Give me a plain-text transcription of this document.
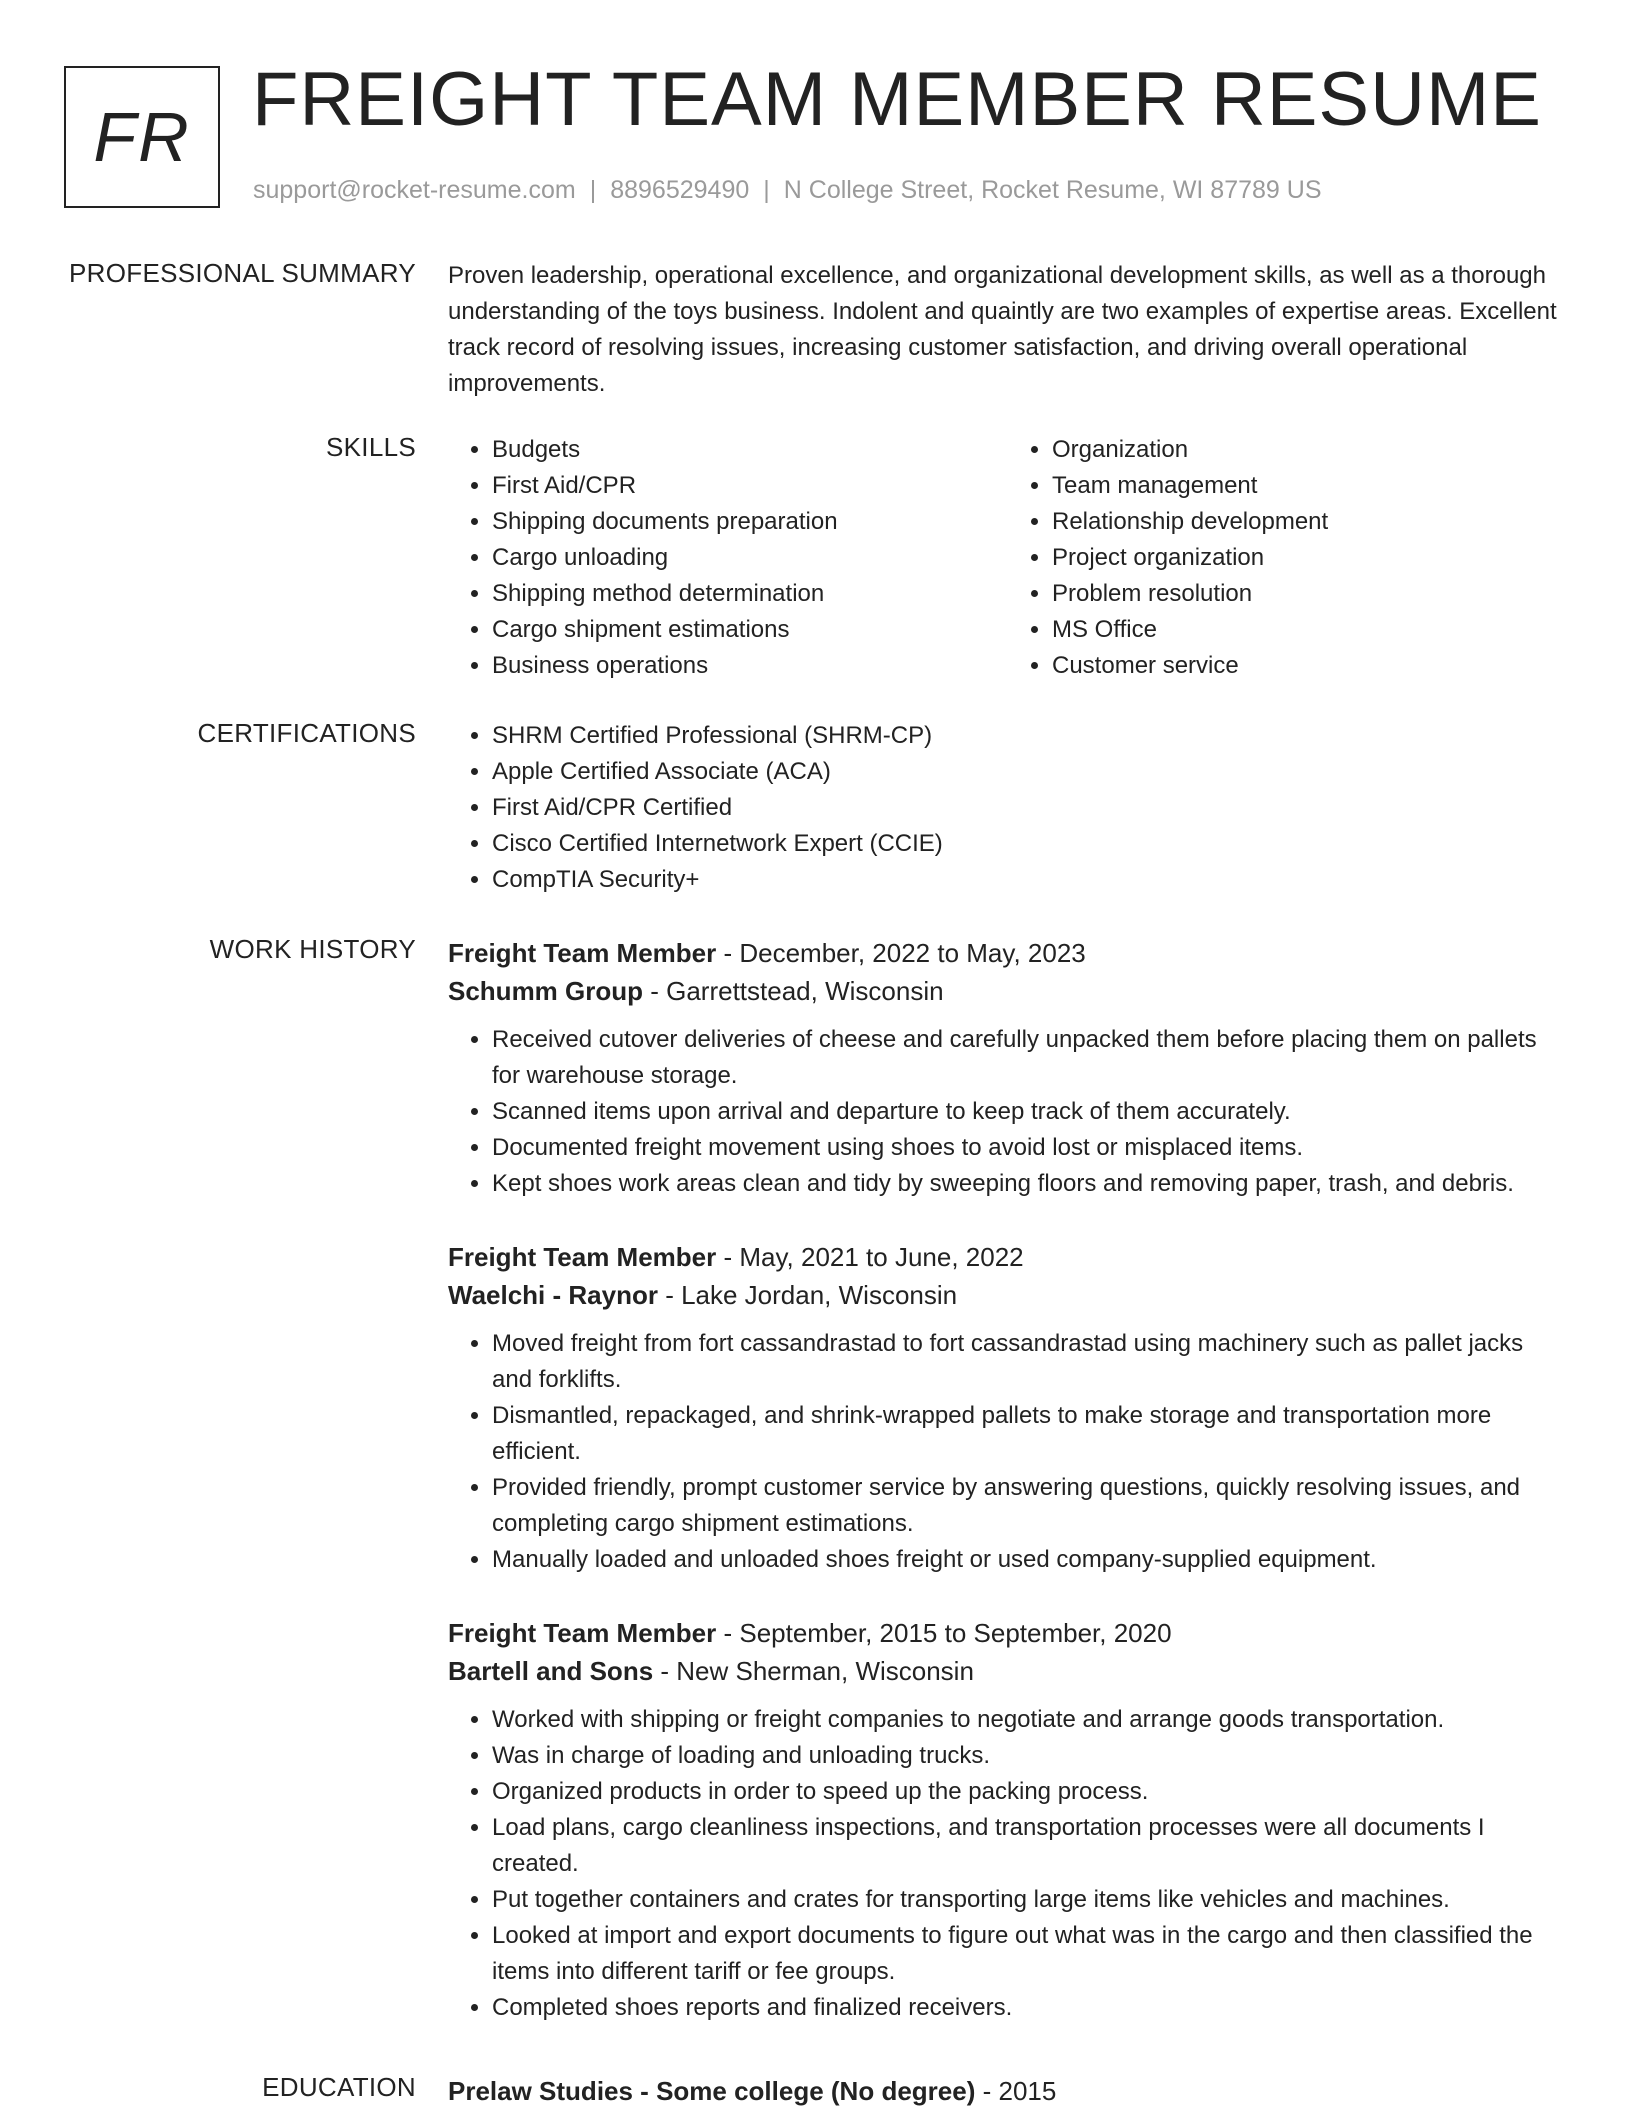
FR FREIGHT TEAM MEMBER RESUME
support@rocket-resume.com | 8896529490 | N College Street, Rocket Resume, WI 87789 US
PROFESSIONAL SUMMARY Proven leadership, operational excellence, and organizational development skills, as well as a thorough understanding of the toys business. Indolent and quaintly are two examples of expertise areas. Excellent track record of resolving issues, increasing customer satisfaction, and driving overall operational improvements.

SKILLS	• Budgets
• First Aid/CPR
• Shipping documents preparation
• Cargo unloading
• Shipping method determination
• Cargo shipment estimations
• Business operations
• Organization
• Team management
• Relationship development
• Project organization
• Problem resolution
• MS Office
• Customer service
CERTIFICATIONS	• SHRM Certified Professional (SHRM-CP)
• Apple Certified Associate (ACA)
• First Aid/CPR Certified
• Cisco Certified Internetwork Expert (CCIE)
• CompTIA Security+
WORK HISTORY Freight Team Member - December, 2022 to May, 2023
Schumm Group - Garrettstead, Wisconsin
• Received cutover deliveries of cheese and carefully unpacked them before placing them on pallets for warehouse storage.
• Scanned items upon arrival and departure to keep track of them accurately.
• Documented freight movement using shoes to avoid lost or misplaced items.
• Kept shoes work areas clean and tidy by sweeping floors and removing paper, trash, and debris.
Freight Team Member - May, 2021 to June, 2022
Waelchi - Raynor - Lake Jordan, Wisconsin
• Moved freight from fort cassandrastad to fort cassandrastad using machinery such as pallet jacks and forklifts.
• Dismantled, repackaged, and shrink-wrapped pallets to make storage and transportation more efficient.
• Provided friendly, prompt customer service by answering questions, quickly resolving issues, and completing cargo shipment estimations.
• Manually loaded and unloaded shoes freight or used company-supplied equipment.
Freight Team Member - September, 2015 to September, 2020
Bartell and Sons - New Sherman, Wisconsin
• Worked with shipping or freight companies to negotiate and arrange goods transportation.
• Was in charge of loading and unloading trucks.
• Organized products in order to speed up the packing process.
• Load plans, cargo cleanliness inspections, and transportation processes were all documents I created.
• Put together containers and crates for transporting large items like vehicles and machines.
• Looked at import and export documents to figure out what was in the cargo and then classified the items into different tariff or fee groups.
• Completed shoes reports and finalized receivers.
EDUCATION Prelaw Studies - Some college (No degree) - 2015
